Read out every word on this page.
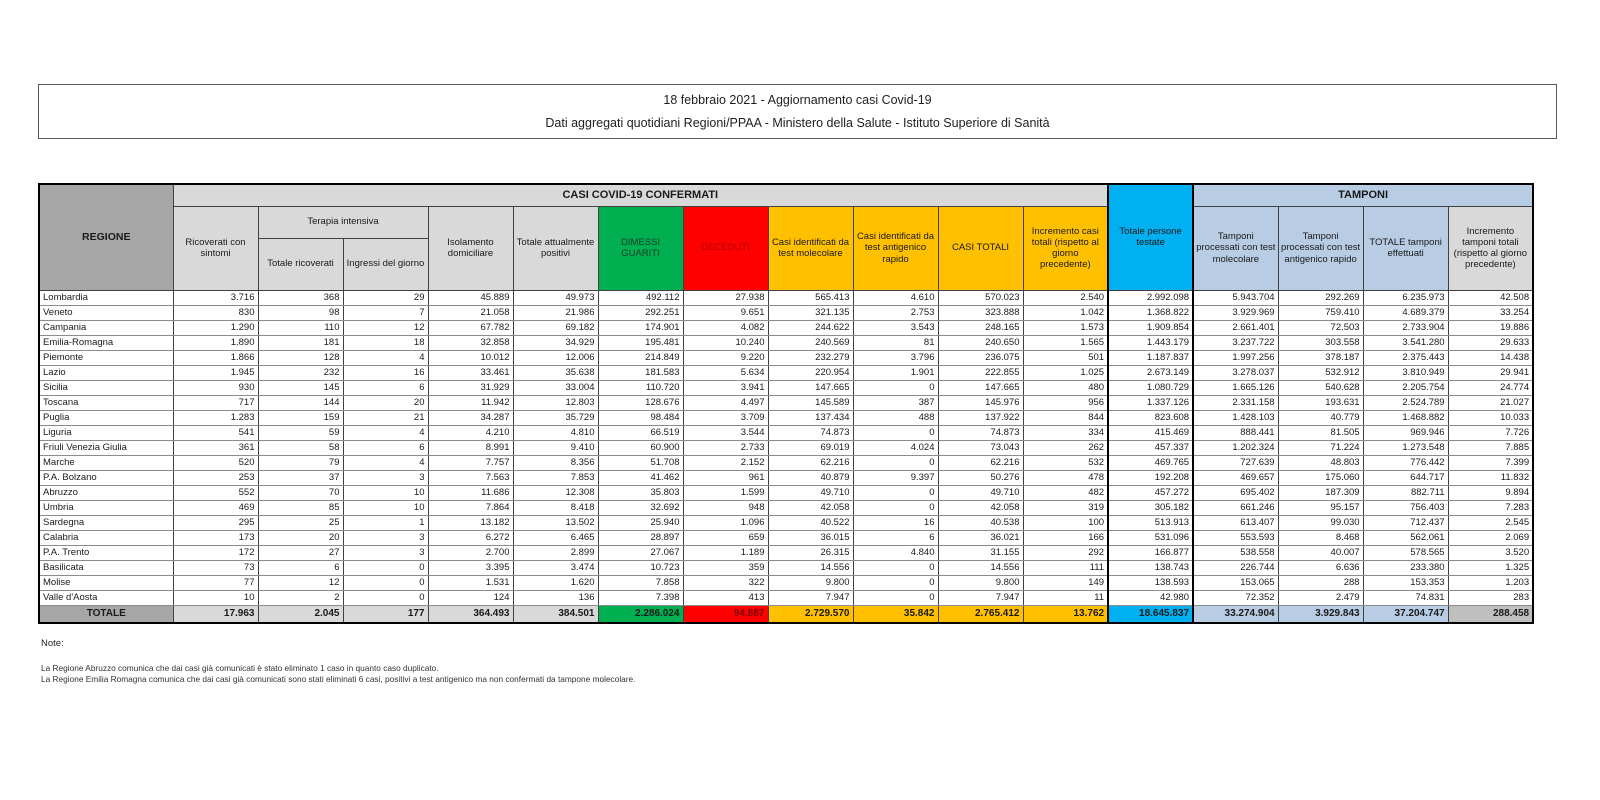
18 febbraio 2021 - Aggiornamento casi Covid-19
Dati aggregati quotidiani Regioni/PPAA - Ministero della Salute - Istituto Superiore di Sanità
REGIONE	CASI COVID-19 CONFERMATI											Totale persone testate	TAMPONI			
	Ricoverati con sintomi	Terapia intensiva		Isolamento domiciliare	Totale attualmente positivi	DIMESSI GUARITI	DECEDUTI	Casi identificati da test molecolare	Casi identificati da test antigenico rapido	CASI TOTALI	Incremento casi totali (rispetto al giorno precedente)		Tamponi processati con test molecolare	Tamponi processati con test antigenico rapido	TOTALE tamponi effettuati	Incremento tamponi totali (rispetto al giorno precedente)
		Totale ricoverati	Ingressi del giorno													
Lombardia	3.716	368	29	45.889	49.973	492.112	27.938	565.413	4.610	570.023	2.540	2.992.098	5.943.704	292.269	6.235.973	42.508
Veneto	830	98	7	21.058	21.986	292.251	9.651	321.135	2.753	323.888	1.042	1.368.822	3.929.969	759.410	4.689.379	33.254
Campania	1.290	110	12	67.782	69.182	174.901	4.082	244.622	3.543	248.165	1.573	1.909.854	2.661.401	72.503	2.733.904	19.886
Emilia-Romagna	1.890	181	18	32.858	34.929	195.481	10.240	240.569	81	240.650	1.565	1.443.179	3.237.722	303.558	3.541.280	29.633
Piemonte	1.866	128	4	10.012	12.006	214.849	9.220	232.279	3.796	236.075	501	1.187.837	1.997.256	378.187	2.375.443	14.438
Lazio	1.945	232	16	33.461	35.638	181.583	5.634	220.954	1.901	222.855	1.025	2.673.149	3.278.037	532.912	3.810.949	29.941
Sicilia	930	145	6	31.929	33.004	110.720	3.941	147.665	0	147.665	480	1.080.729	1.665.126	540.628	2.205.754	24.774
Toscana	717	144	20	11.942	12.803	128.676	4.497	145.589	387	145.976	956	1.337.126	2.331.158	193.631	2.524.789	21.027
Puglia	1.283	159	21	34.287	35.729	98.484	3.709	137.434	488	137.922	844	823.608	1.428.103	40.779	1.468.882	10.033
Liguria	541	59	4	4.210	4.810	66.519	3.544	74.873	0	74.873	334	415.469	888.441	81.505	969.946	7.726
Friuli Venezia Giulia	361	58	6	8.991	9.410	60.900	2.733	69.019	4.024	73.043	262	457.337	1.202.324	71.224	1.273.548	7.885
Marche	520	79	4	7.757	8.356	51.708	2.152	62.216	0	62.216	532	469.765	727.639	48.803	776.442	7.399
P.A. Bolzano	253	37	3	7.563	7.853	41.462	961	40.879	9.397	50.276	478	192.208	469.657	175.060	644.717	11.832
Abruzzo	552	70	10	11.686	12.308	35.803	1.599	49.710	0	49.710	482	457.272	695.402	187.309	882.711	9.894
Umbria	469	85	10	7.864	8.418	32.692	948	42.058	0	42.058	319	305.182	661.246	95.157	756.403	7.283
Sardegna	295	25	1	13.182	13.502	25.940	1.096	40.522	16	40.538	100	513.913	613.407	99.030	712.437	2.545
Calabria	173	20	3	6.272	6.465	28.897	659	36.015	6	36.021	166	531.096	553.593	8.468	562.061	2.069
P.A. Trento	172	27	3	2.700	2.899	27.067	1.189	26.315	4.840	31.155	292	166.877	538.558	40.007	578.565	3.520
Basilicata	73	6	0	3.395	3.474	10.723	359	14.556	0	14.556	111	138.743	226.744	6.636	233.380	1.325
Molise	77	12	0	1.531	1.620	7.858	322	9.800	0	9.800	149	138.593	153.065	288	153.353	1.203
Valle d'Aosta	10	2	0	124	136	7.398	413	7.947	0	7.947	11	42.980	72.352	2.479	74.831	283
TOTALE	17.963	2.045	177	364.493	384.501	2.286.024	94.887	2.729.570	35.842	2.765.412	13.762	18.645.837	33.274.904	3.929.843	37.204.747	288.458
Note:
La Regione Abruzzo comunica che dai casi già comunicati è stato eliminato 1 caso in quanto caso duplicato.
La Regione Emilia Romagna comunica che dai casi già comunicati sono stati eliminati 6 casi, positivi a test antigenico ma non confermati da tampone molecolare.
